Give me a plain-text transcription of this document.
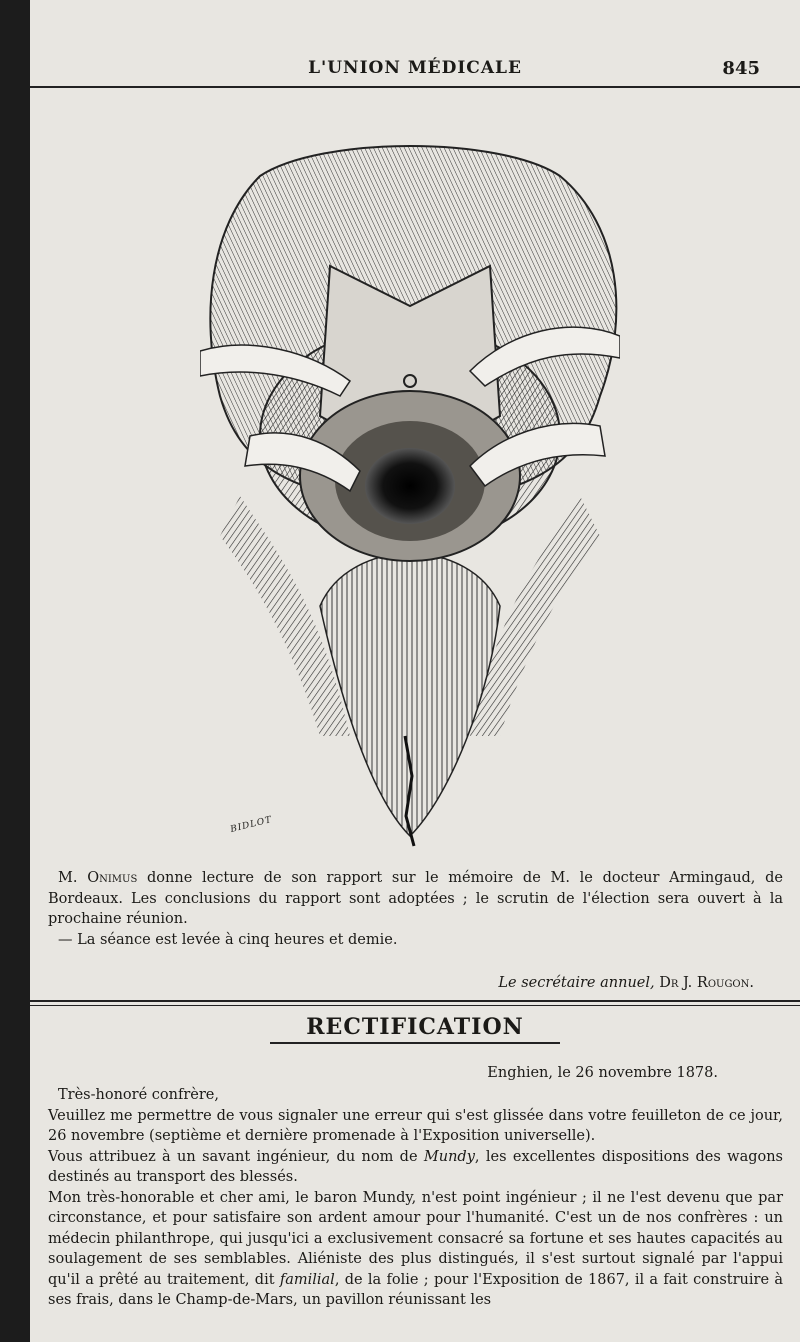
L'UNION MÉDICALE	845
BIDLOT

M. Onimus donne lecture de son rapport sur le mémoire de M. le docteur Armingaud, de Bordeaux. Les conclusions du rapport sont adoptées ; le scrutin de l'élection sera ouvert à la prochaine réunion.

— La séance est levée à cinq heures et demie.

Le secrétaire annuel, Dr J. Rougon.
RECTIFICATION
Enghien, le 26 novembre 1878.

Très-honoré confrère,

Veuillez me permettre de vous signaler une erreur qui s'est glissée dans votre feuilleton de ce jour, 26 novembre (septième et dernière promenade à l'Exposition universelle).

Vous attribuez à un savant ingénieur, du nom de Mundy, les excellentes dispositions des wagons destinés au transport des blessés.

Mon très-honorable et cher ami, le baron Mundy, n'est point ingénieur ; il ne l'est devenu que par circonstance, et pour satisfaire son ardent amour pour l'humanité. C'est un de nos confrères : un médecin philanthrope, qui jusqu'ici a exclusivement consacré sa fortune et ses hautes capacités au soulagement de ses semblables. Aliéniste des plus distingués, il s'est surtout signalé par l'appui qu'il a prêté au traitement, dit familial, de la folie ; pour l'Exposition de 1867, il a fait construire à ses frais, dans le Champ-de-Mars, un pavillon réunissant les
